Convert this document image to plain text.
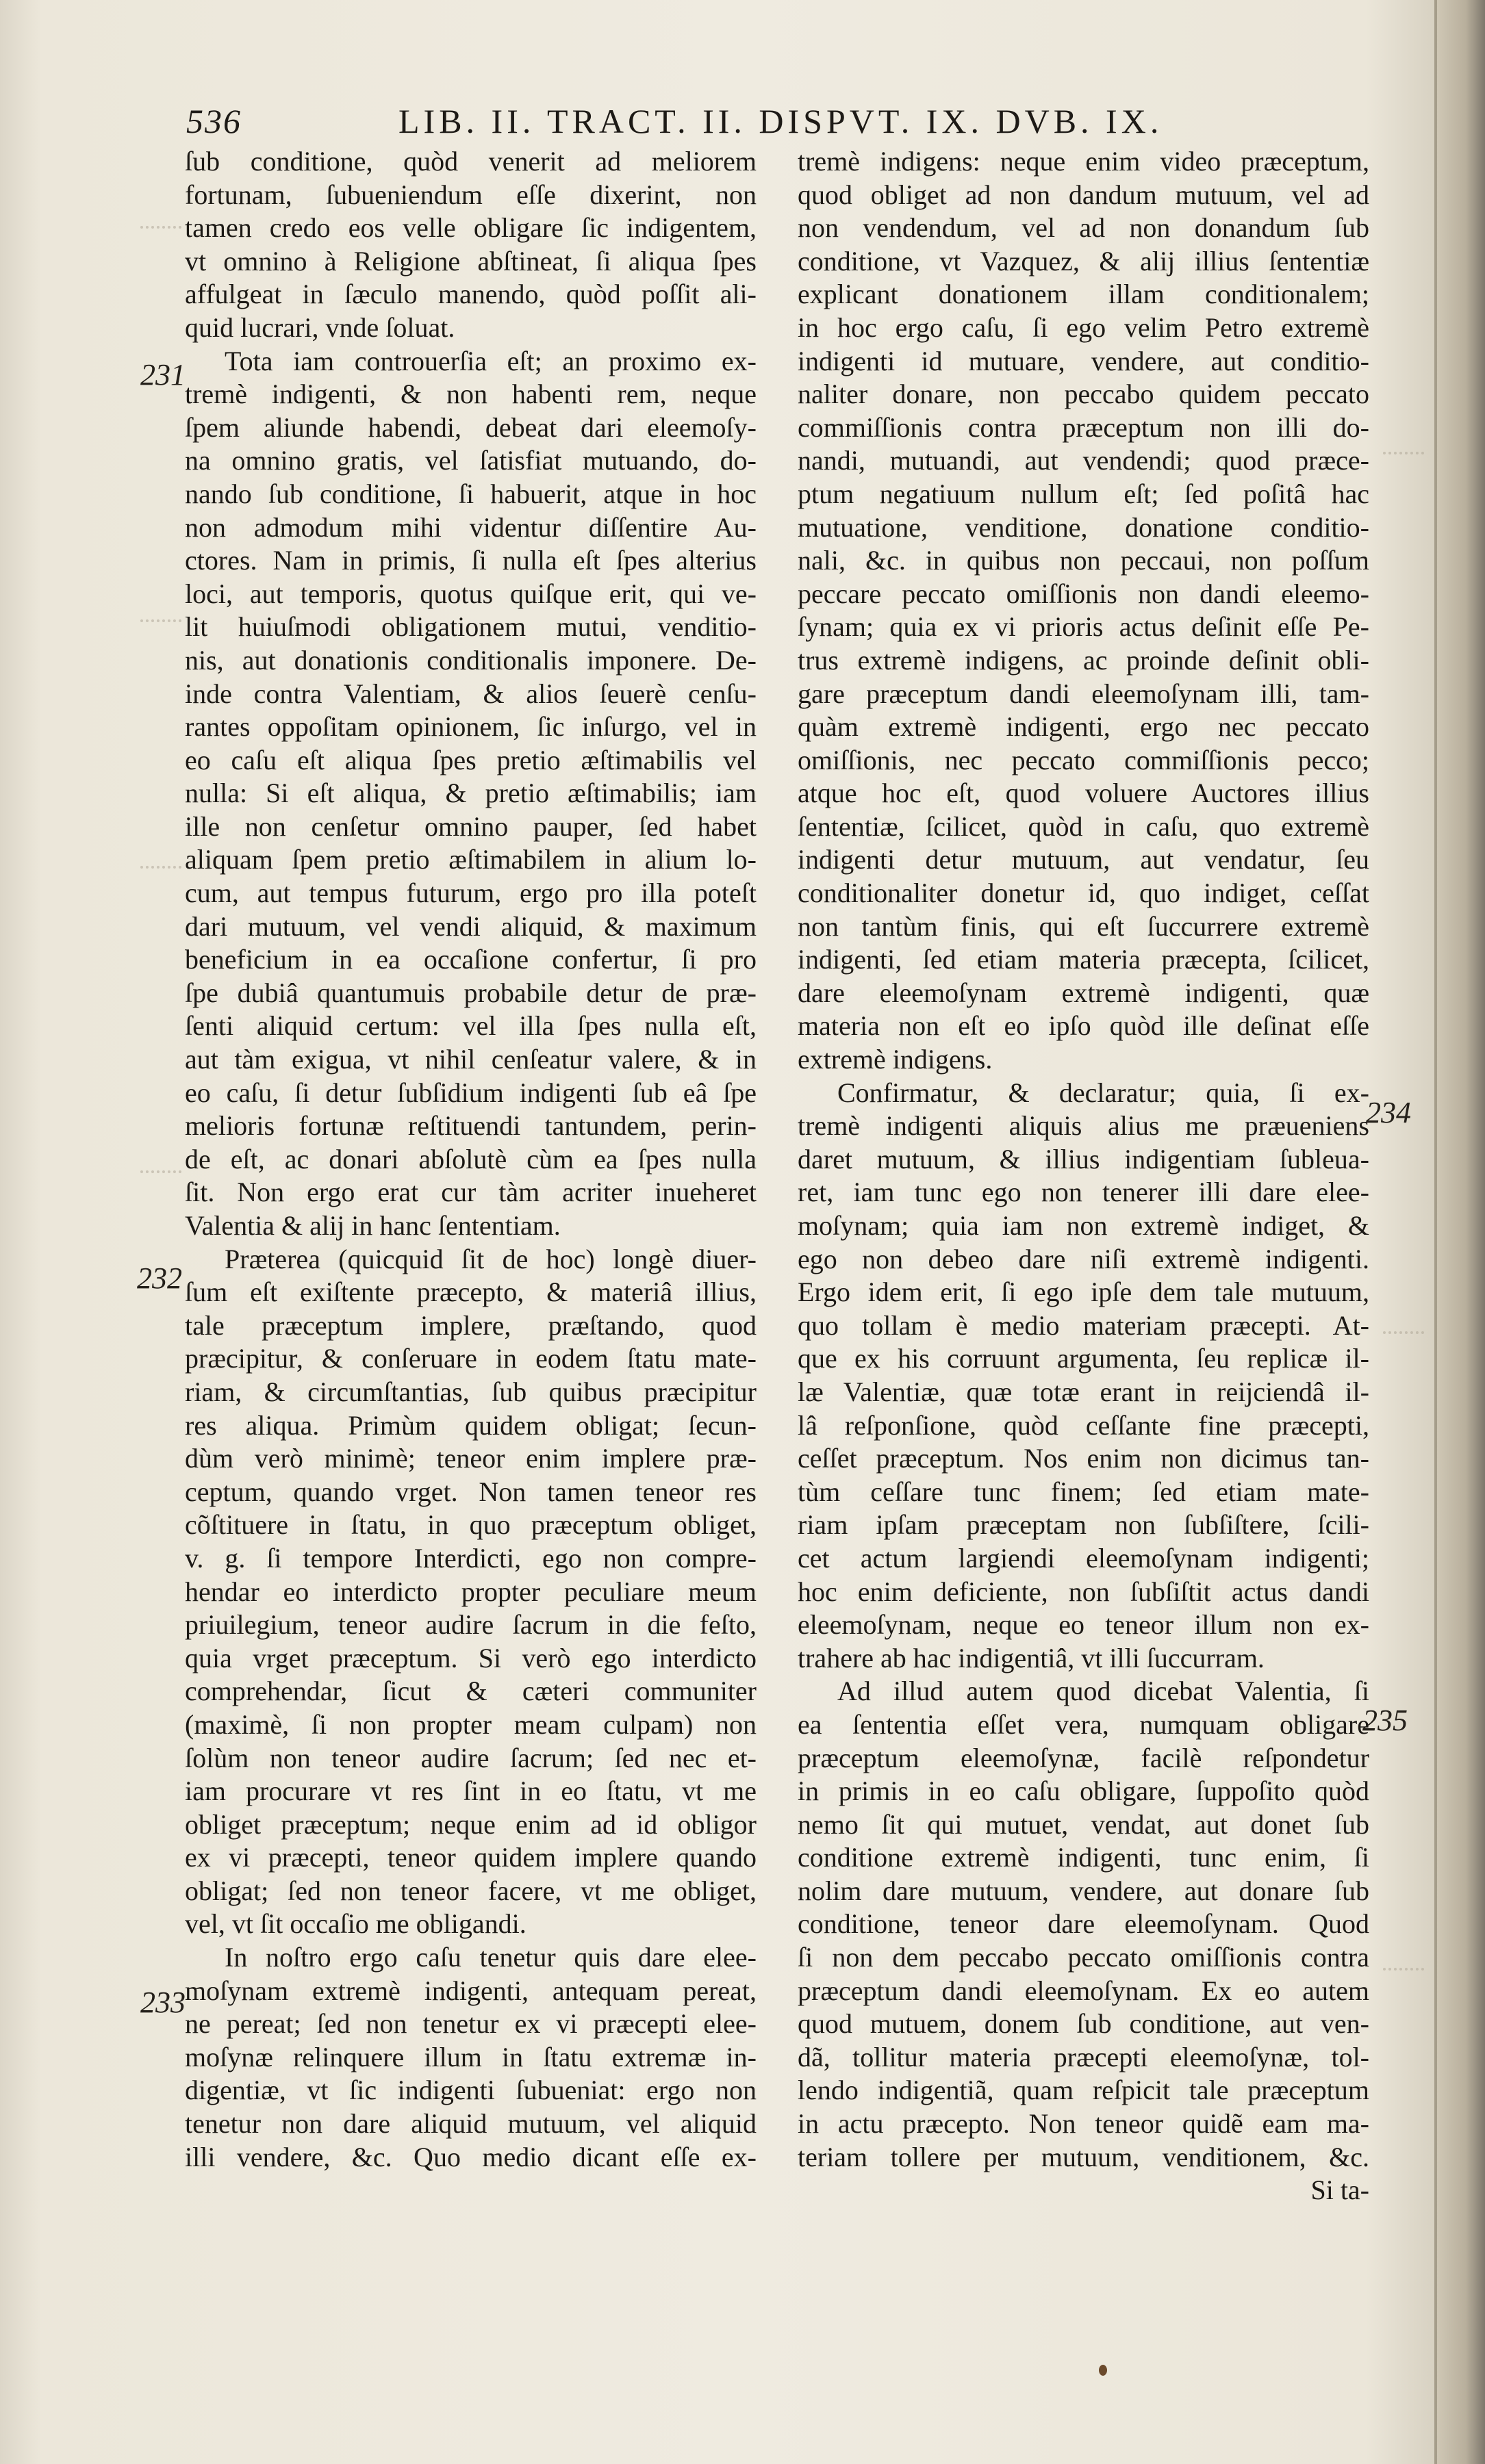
536	LIB. II. TRACT. II. DISPVT. IX. DVB. IX.
231
232
233
234
235
ſub conditione, quòd venerit ad meliorem
fortunam, ſubueniendum eſſe dixerint, non
tamen credo eos velle obligare ſic indigentem,
vt omnino à Religione abſtineat, ſi aliqua ſpes
affulgeat in ſæculo manendo, quòd poſſit ali-
quid lucrari, vnde ſoluat.
Tota iam controuerſia eſt; an proximo ex-
tremè indigenti, & non habenti rem, neque
ſpem aliunde habendi, debeat dari eleemoſy-
na omnino gratis, vel ſatisfiat mutuando, do-
nando ſub conditione, ſi habuerit, atque in hoc
non admodum mihi videntur diſſentire Au-
ctores. Nam in primis, ſi nulla eſt ſpes alterius
loci, aut temporis, quotus quiſque erit, qui ve-
lit huiuſmodi obligationem mutui, venditio-
nis, aut donationis conditionalis imponere. De-
inde contra Valentiam, & alios ſeuerè cenſu-
rantes oppoſitam opinionem, ſic inſurgo, vel in
eo caſu eſt aliqua ſpes pretio æſtimabilis vel
nulla: Si eſt aliqua, & pretio æſtimabilis; iam
ille non cenſetur omnino pauper, ſed habet
aliquam ſpem pretio æſtimabilem in alium lo-
cum, aut tempus futurum, ergo pro illa poteſt
dari mutuum, vel vendi aliquid, & maximum
beneficium in ea occaſione confertur, ſi pro
ſpe dubiâ quantumuis probabile detur de præ-
ſenti aliquid certum: vel illa ſpes nulla eſt,
aut tàm exigua, vt nihil cenſeatur valere, & in
eo caſu, ſi detur ſubſidium indigenti ſub eâ ſpe
melioris fortunæ reſtituendi tantundem, perin-
de eſt, ac donari abſolutè cùm ea ſpes nulla
ſit. Non ergo erat cur tàm acriter inueheret
Valentia & alij in hanc ſententiam.
Præterea (quicquid ſit de hoc) longè diuer-
ſum eſt exiſtente præcepto, & materiâ illius,
tale præceptum implere, præſtando, quod
præcipitur, & conſeruare in eodem ſtatu mate-
riam, & circumſtantias, ſub quibus præcipitur
res aliqua. Primùm quidem obligat; ſecun-
dùm verò minimè; teneor enim implere præ-
ceptum, quando vrget. Non tamen teneor res
cõſtituere in ſtatu, in quo præceptum obliget,
v. g. ſi tempore Interdicti, ego non compre-
hendar eo interdicto propter peculiare meum
priuilegium, teneor audire ſacrum in die feſto,
quia vrget præceptum. Si verò ego interdicto
comprehendar, ſicut & cæteri communiter
(maximè, ſi non propter meam culpam) non
ſolùm non teneor audire ſacrum; ſed nec et-
iam procurare vt res ſint in eo ſtatu, vt me
obliget præceptum; neque enim ad id obligor
ex vi præcepti, teneor quidem implere quando
obligat; ſed non teneor facere, vt me obliget,
vel, vt ſit occaſio me obligandi.
In noſtro ergo caſu tenetur quis dare elee-
moſynam extremè indigenti, antequam pereat,
ne pereat; ſed non tenetur ex vi præcepti elee-
moſynæ relinquere illum in ſtatu extremæ in-
digentiæ, vt ſic indigenti ſubueniat: ergo non
tenetur non dare aliquid mutuum, vel aliquid
illi vendere, &c. Quo medio dicant eſſe ex-
tremè indigens: neque enim video præceptum,
quod obliget ad non dandum mutuum, vel ad
non vendendum, vel ad non donandum ſub
conditione, vt Vazquez, & alij illius ſententiæ
explicant donationem illam conditionalem;
in hoc ergo caſu, ſi ego velim Petro extremè
indigenti id mutuare, vendere, aut conditio-
naliter donare, non peccabo quidem peccato
commiſſionis contra præceptum non illi do-
nandi, mutuandi, aut vendendi; quod præce-
ptum negatiuum nullum eſt; ſed poſitâ hac
mutuatione, venditione, donatione conditio-
nali, &c. in quibus non peccaui, non poſſum
peccare peccato omiſſionis non dandi eleemo-
ſynam; quia ex vi prioris actus deſinit eſſe Pe-
trus extremè indigens, ac proinde deſinit obli-
gare præceptum dandi eleemoſynam illi, tam-
quàm extremè indigenti, ergo nec peccato
omiſſionis, nec peccato commiſſionis pecco;
atque hoc eſt, quod voluere Auctores illius
ſententiæ, ſcilicet, quòd in caſu, quo extremè
indigenti detur mutuum, aut vendatur, ſeu
conditionaliter donetur id, quo indiget, ceſſat
non tantùm finis, qui eſt ſuccurrere extremè
indigenti, ſed etiam materia præcepta, ſcilicet,
dare eleemoſynam extremè indigenti, quæ
materia non eſt eo ipſo quòd ille deſinat eſſe
extremè indigens.
Confirmatur, & declaratur; quia, ſi ex-
tremè indigenti aliquis alius me præueniens
daret mutuum, & illius indigentiam ſubleua-
ret, iam tunc ego non tenerer illi dare elee-
moſynam; quia iam non extremè indiget, &
ego non debeo dare niſi extremè indigenti.
Ergo idem erit, ſi ego ipſe dem tale mutuum,
quo tollam è medio materiam præcepti. At-
que ex his corruunt argumenta, ſeu replicæ il-
læ Valentiæ, quæ totæ erant in reijciendâ il-
lâ reſponſione, quòd ceſſante fine præcepti,
ceſſet præceptum. Nos enim non dicimus tan-
tùm ceſſare tunc finem; ſed etiam mate-
riam ipſam præceptam non ſubſiſtere, ſcili-
cet actum largiendi eleemoſynam indigenti;
hoc enim deficiente, non ſubſiſtit actus dandi
eleemoſynam, neque eo teneor illum non ex-
trahere ab hac indigentiâ, vt illi ſuccurram.
Ad illud autem quod dicebat Valentia, ſi
ea ſententia eſſet vera, numquam obligare
præceptum eleemoſynæ, facilè reſpondetur
in primis in eo caſu obligare, ſuppoſito quòd
nemo ſit qui mutuet, vendat, aut donet ſub
conditione extremè indigenti, tunc enim, ſi
nolim dare mutuum, vendere, aut donare ſub
conditione, teneor dare eleemoſynam. Quod
ſi non dem peccabo peccato omiſſionis contra
præceptum dandi eleemoſynam. Ex eo autem
quod mutuem, donem ſub conditione, aut ven-
dã, tollitur materia præcepti eleemoſynæ, tol-
lendo indigentiã, quam reſpicit tale præceptum
in actu præcepto. Non teneor quidẽ eam ma-
teriam tollere per mutuum, venditionem, &c.
Si ta-
